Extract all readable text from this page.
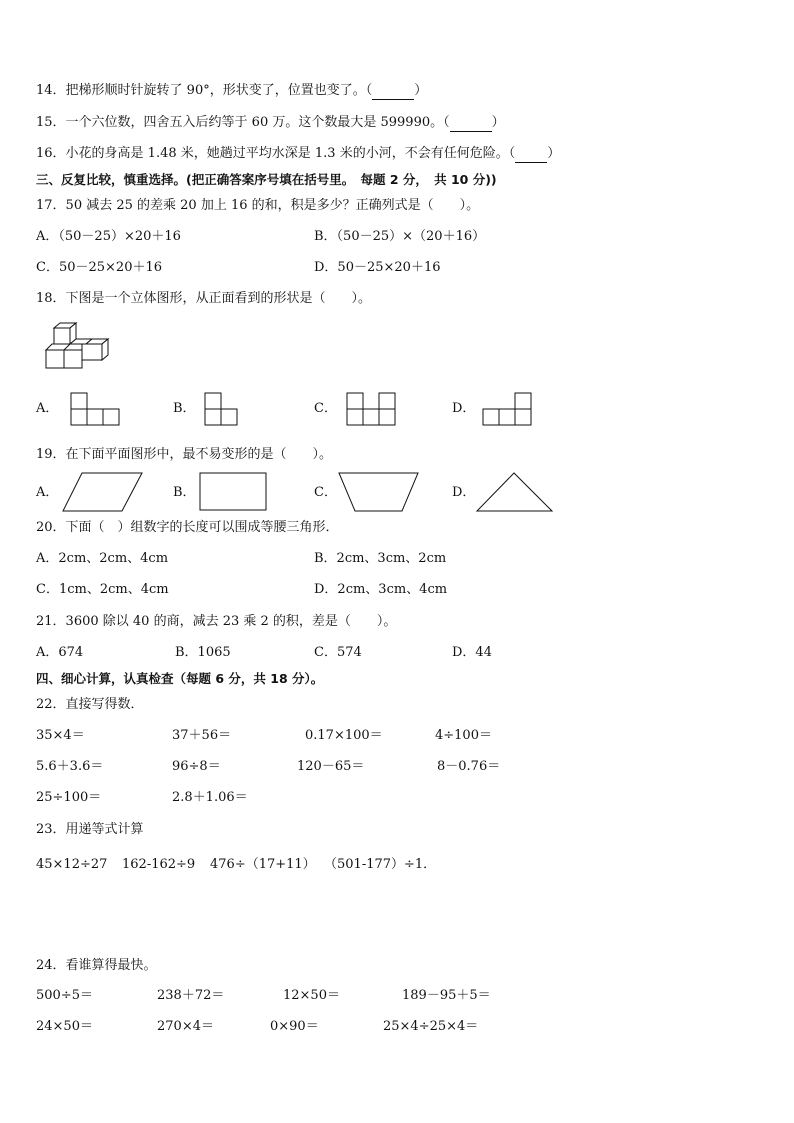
14．把梯形顺时针旋转了 90°，形状变了，位置也变了。（	）
15．一个六位数，四舍五入后约等于 60 万。这个数最大是 599990。（	）
16．小花的身高是 1.48 米，她趟过平均水深是 1.3 米的小河，不会有任何危险。（ ）
三、反复比较，慎重选择。(把正确答案序号填在括号里。　每题 2 分，　共 10 分))
17．50 减去 25 的差乘 20 加上 16 的和，积是多少？正确列式是（　　）。
A．（50－25）×20＋16	B．（50－25）×（20＋16）
C．50－25×20＋16	D．50－25×20＋16
18．下图是一个立体图形，从正面看到的形状是（　　）。
A．	B．	C．	D．
19．在下面平面图形中，最不易变形的是（　　）。
A．	B．	C．	D．
20．下面（　）组数字的长度可以围成等腰三角形．
A．2cm、2cm、4cm	B．2cm、3cm、2cm
C．1cm、2cm、4cm	D．2cm、3cm、4cm
21．3600 除以 40 的商，减去 23 乘 2 的积，差是（　　）。
A．674	B．1065	C．574	D．44
四、细心计算，认真检查（每题 6 分，共 18 分）。
22．直接写得数．
35×4＝	37＋56＝	0.17×100＝	4÷100＝
5.6＋3.6＝	96÷8＝	120－65＝	8－0.76＝
25÷100＝	2.8＋1.06＝
23．用递等式计算
45×12÷27 162-162÷9 476÷（17+11） （501-177）÷1．
24．看谁算得最快。
500÷5＝	238＋72＝	12×50＝	189－95＋5＝
24×50＝	270×4＝	0×90＝	25×4÷25×4＝
